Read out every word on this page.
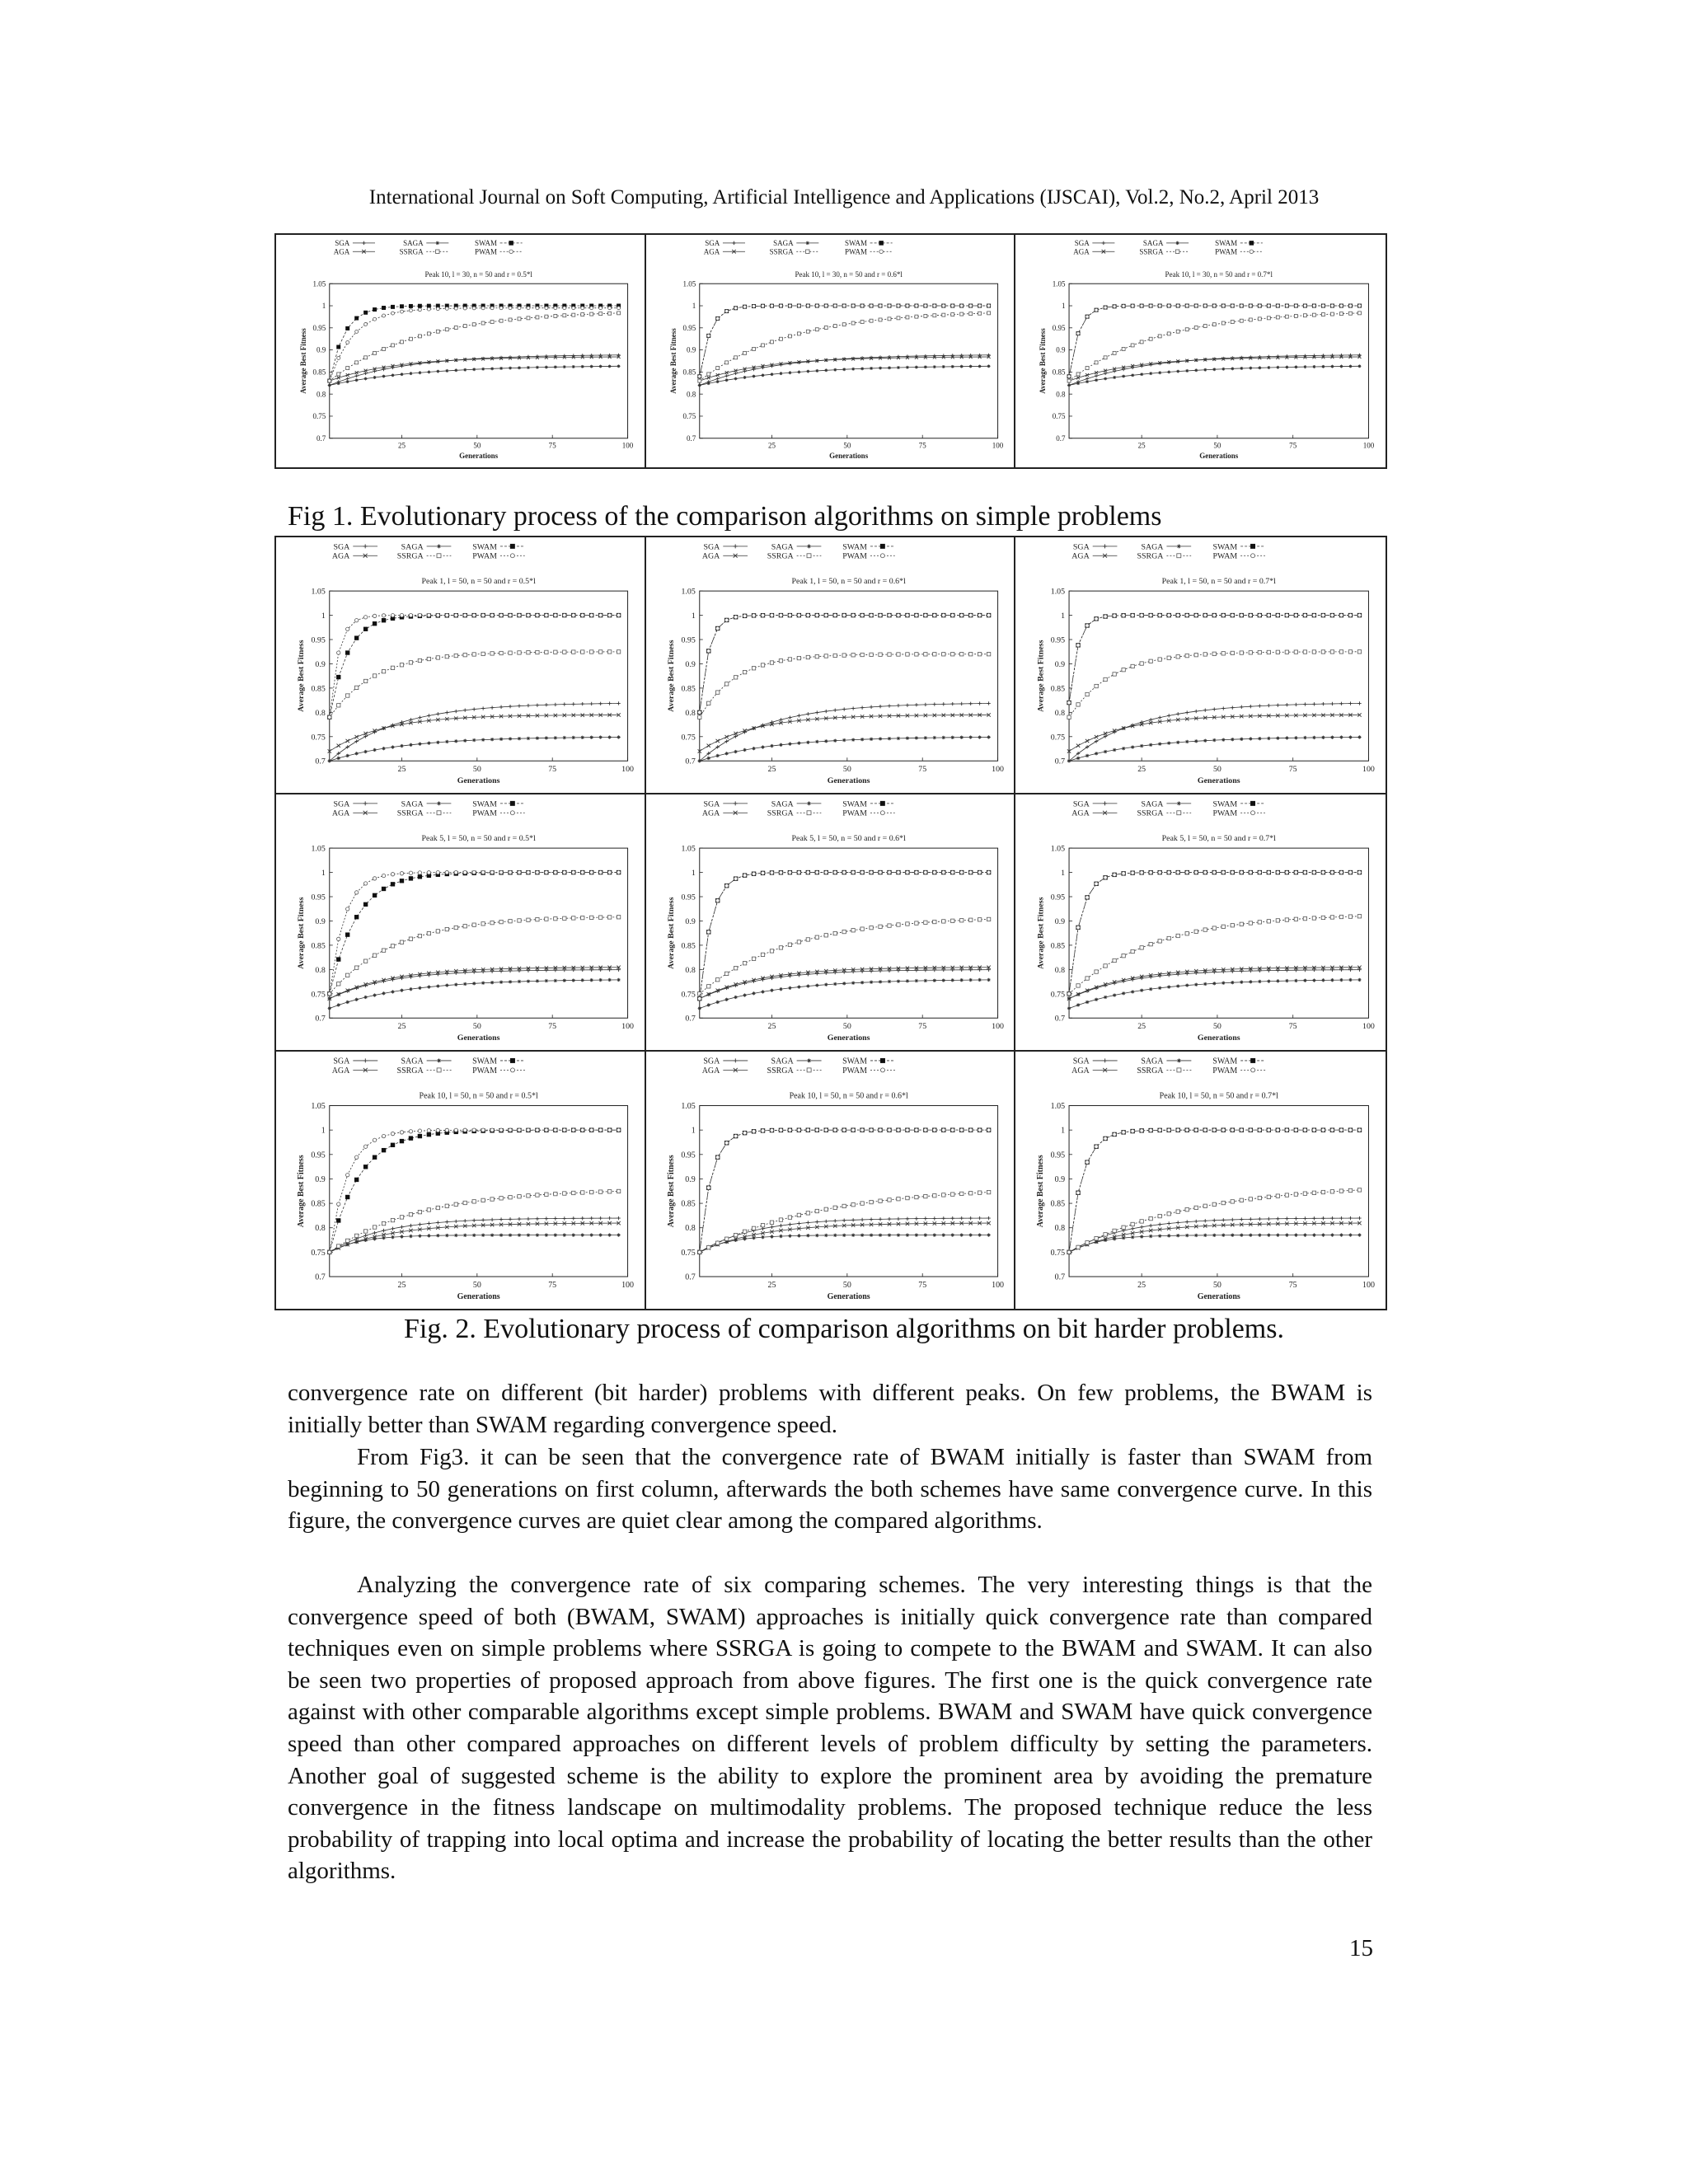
International Journal on Soft Computing, Artificial Intelligence and Applications (IJSCAI), Vol.2, No.2, April 2013
SGA	SAGA	SWAM
AGA	SSRGA	PWAM
Peak 10, l = 30, n = 50 and r = 0.5*l
0.7
0.75
0.8
0.85
0.9
0.95
1
1.05
25	50	75	100
Generations
Average Best Fitness
SGA	SAGA	SWAM
AGA	SSRGA	PWAM
Peak 10, l = 30, n = 50 and r = 0.6*l
0.7
0.75
0.8
0.85
0.9
0.95
1
1.05
25	50	75	100
Generations
Average Best Fitness
SGA	SAGA	SWAM
AGA	SSRGA	PWAM
Peak 10, l = 30, n = 50 and r = 0.7*l
0.7
0.75
0.8
0.85
0.9
0.95
1
1.05
25	50	75	100
Generations
Average Best Fitness
Fig 1. Evolutionary process of the comparison algorithms on simple problems
SGA	SAGA	SWAM
AGA	SSRGA	PWAM
Peak 1, l = 50, n = 50 and r = 0.5*l
0.7
0.75
0.8
0.85
0.9
0.95
1
1.05
25	50	75	100
Generations
Average Best Fitness
SGA	SAGA	SWAM
AGA	SSRGA	PWAM
Peak 1, l = 50, n = 50 and r = 0.6*l
0.7
0.75
0.8
0.85
0.9
0.95
1
1.05
25	50	75	100
Generations
Average Best Fitness
SGA	SAGA	SWAM
AGA	SSRGA	PWAM
Peak 1, l = 50, n = 50 and r = 0.7*l
0.7
0.75
0.8
0.85
0.9
0.95
1
1.05
25	50	75	100
Generations
Average Best Fitness
SGA	SAGA	SWAM
AGA	SSRGA	PWAM
Peak 5, l = 50, n = 50 and r = 0.5*l
0.7
0.75
0.8
0.85
0.9
0.95
1
1.05
25	50	75	100
Generations
Average Best Fitness
SGA	SAGA	SWAM
AGA	SSRGA	PWAM
Peak 5, l = 50, n = 50 and r = 0.6*l
0.7
0.75
0.8
0.85
0.9
0.95
1
1.05
25	50	75	100
Generations
Average Best Fitness
SGA	SAGA	SWAM
AGA	SSRGA	PWAM
Peak 5, l = 50, n = 50 and r = 0.7*l
0.7
0.75
0.8
0.85
0.9
0.95
1
1.05
25	50	75	100
Generations
Average Best Fitness
SGA	SAGA	SWAM
AGA	SSRGA	PWAM
Peak 10, l = 50, n = 50 and r = 0.5*l
0.7
0.75
0.8
0.85
0.9
0.95
1
1.05
25	50	75	100
Generations
Average Best Fitness
SGA	SAGA	SWAM
AGA	SSRGA	PWAM
Peak 10, l = 50, n = 50 and r = 0.6*l
0.7
0.75
0.8
0.85
0.9
0.95
1
1.05
25	50	75	100
Generations
Average Best Fitness
SGA	SAGA	SWAM
AGA	SSRGA	PWAM
Peak 10, l = 50, n = 50 and r = 0.7*l
0.7
0.75
0.8
0.85
0.9
0.95
1
1.05
25	50	75	100
Generations
Average Best Fitness
Fig. 2. Evolutionary process of comparison algorithms on bit harder problems.

convergence rate on different (bit harder) problems with different peaks. On few problems, the BWAM is initially better than SWAM regarding convergence speed.

From Fig3. it can be seen that the convergence rate of BWAM initially is faster than SWAM from beginning to 50 generations on first column, afterwards the both schemes have same convergence curve. In this figure, the convergence curves are quiet clear among the compared algorithms.

Analyzing the convergence rate of six comparing schemes. The very interesting things is that the convergence speed of both (BWAM, SWAM) approaches is initially quick convergence rate than compared techniques even on simple problems where SSRGA is going to compete to the BWAM and SWAM. It can also be seen two properties of proposed approach from above figures. The first one is the quick convergence rate against with other comparable algorithms except simple problems. BWAM and SWAM have quick convergence speed than other compared approaches on different levels of problem difficulty by setting the parameters. Another goal of suggested scheme is the ability to explore the prominent area by avoiding the premature convergence in the fitness landscape on multimodality problems. The proposed technique reduce the less probability of trapping into local optima and increase the probability of locating the better results than the other algorithms.

15
